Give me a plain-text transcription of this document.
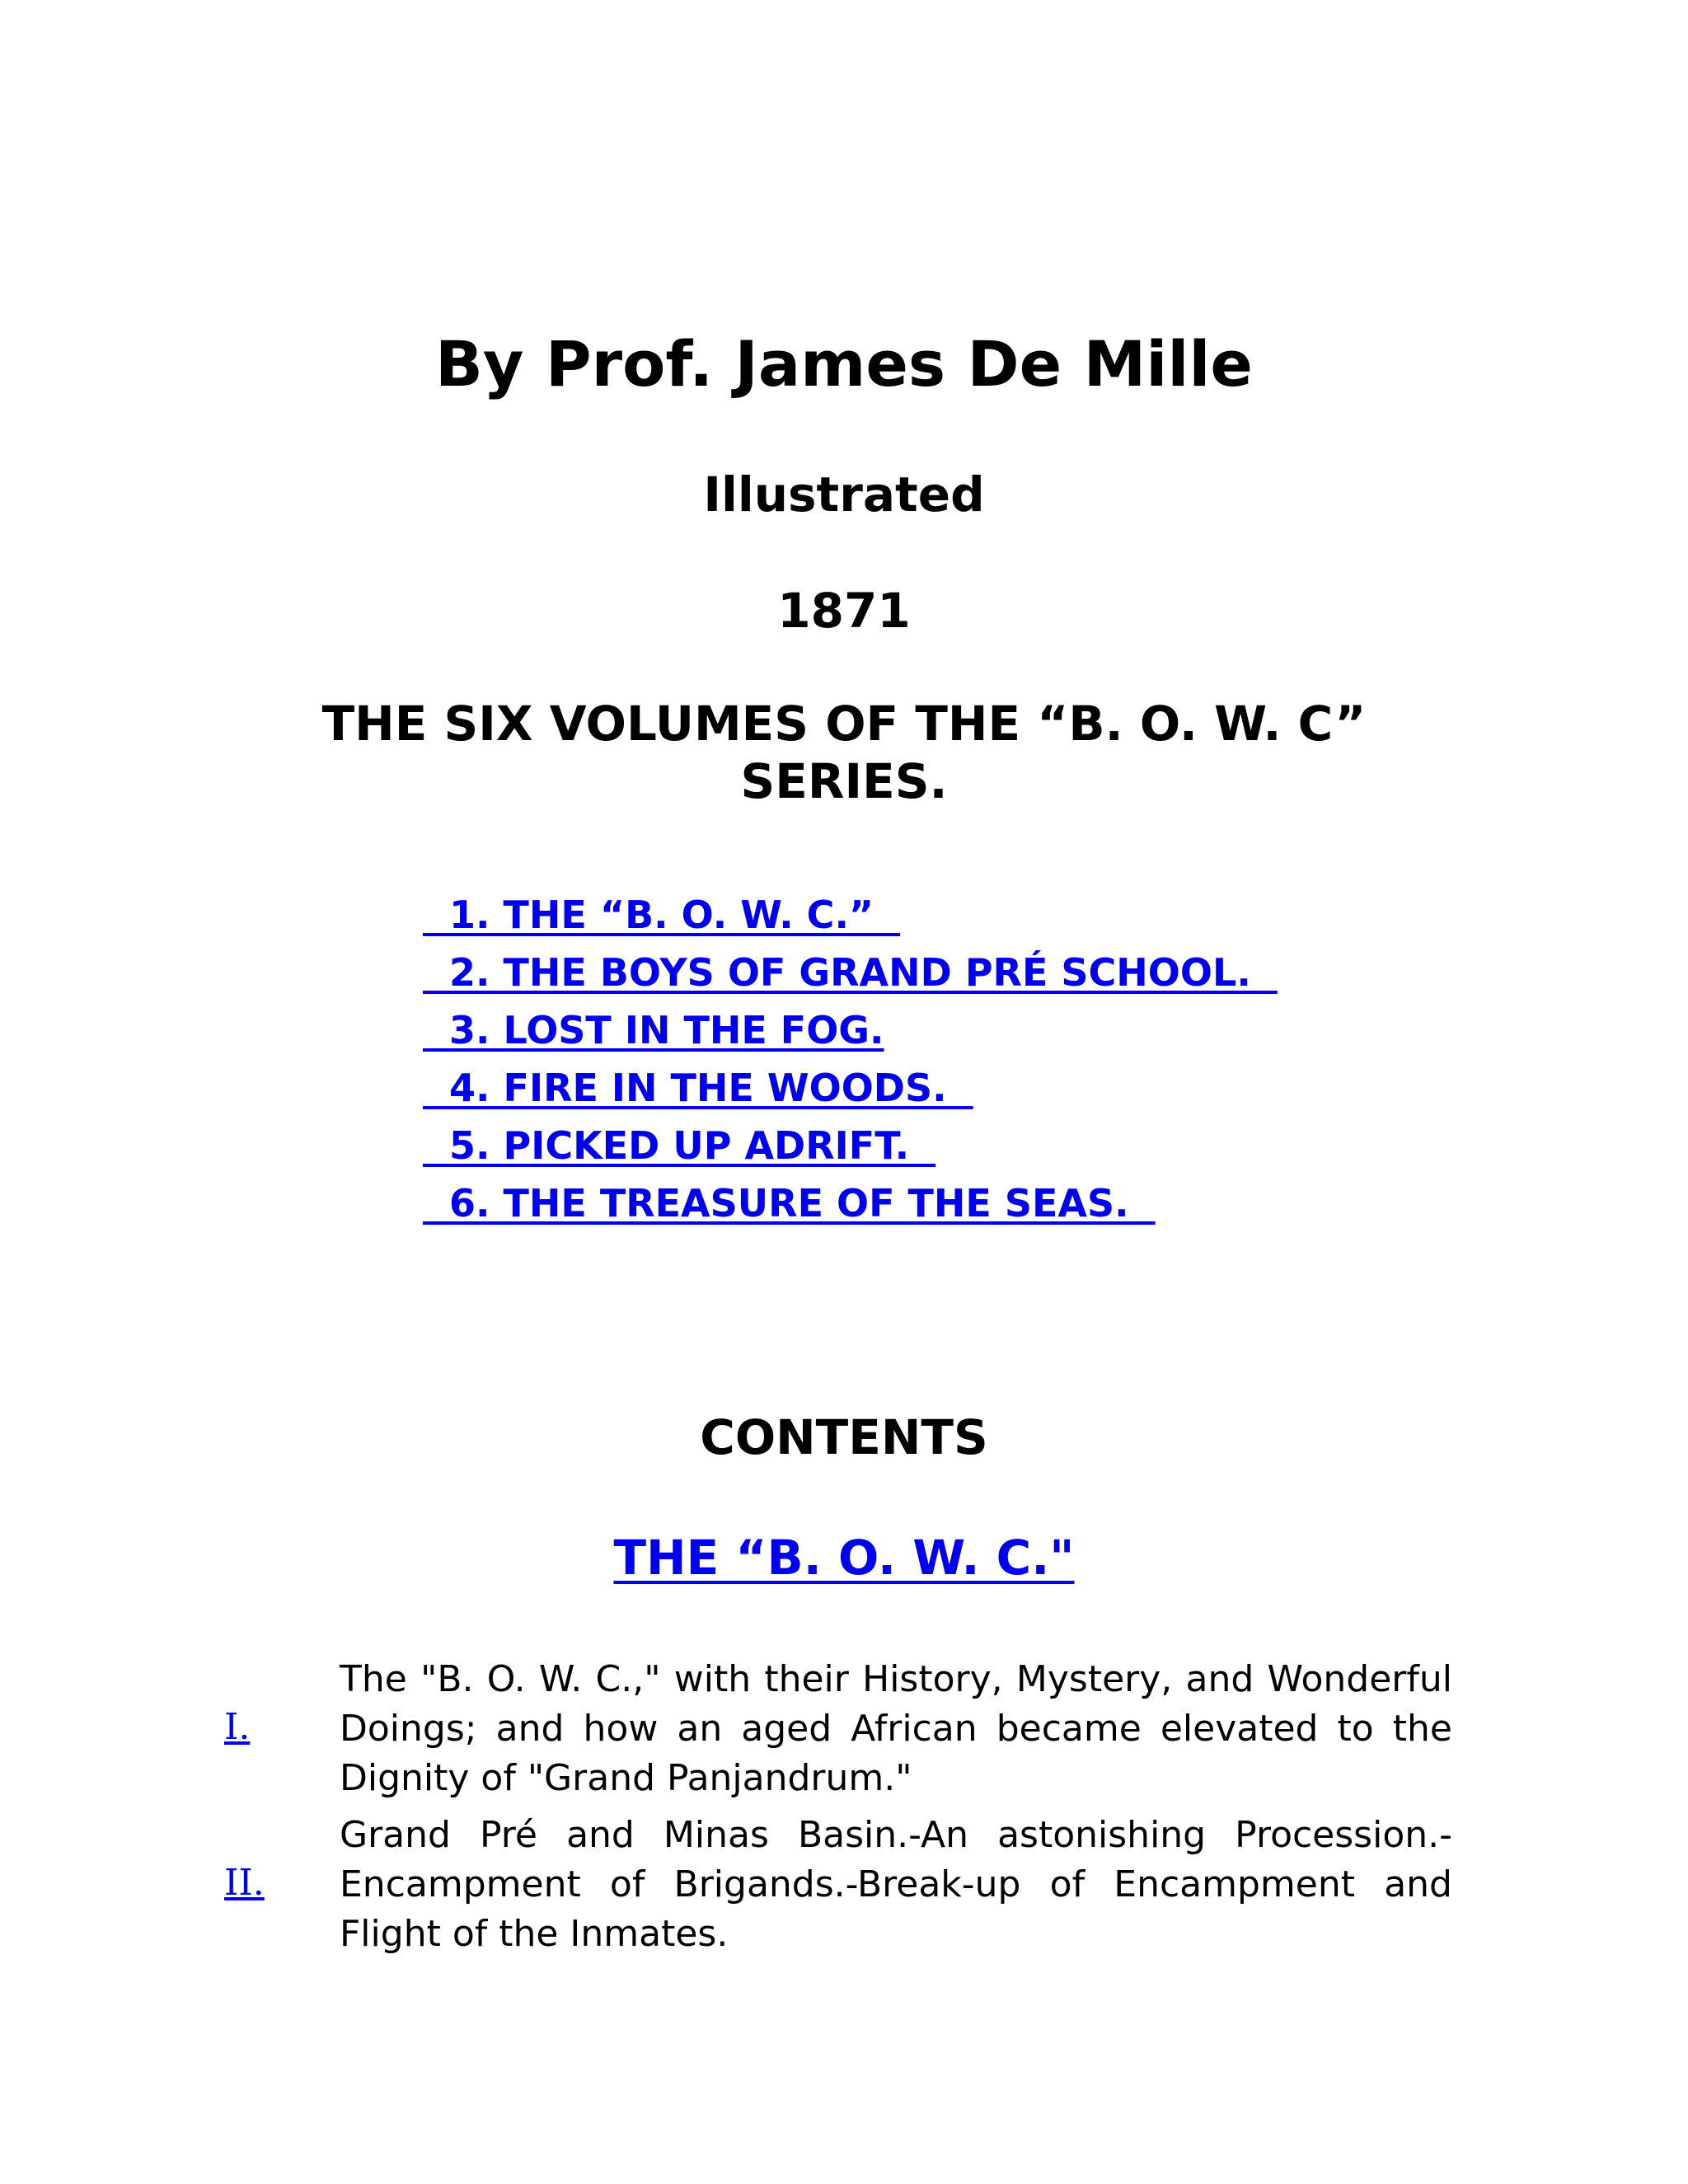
By Prof. James De Mille
Illustrated
1871
THE SIX VOLUMES OF THE “B. O. W. C” SERIES.
1. THE “B. O. W. C.”
2. THE BOYS OF GRAND PRÉ SCHOOL.
3. LOST IN THE FOG.
4. FIRE IN THE WOODS.
5. PICKED UP ADRIFT.
6. THE TREASURE OF THE SEAS.
CONTENTS
THE “B. O. W. C."
I.

The "B. O. W. C.," with their History, Mystery, and Wonderful Doings; and how an aged African became elevated to the Dignity of "Grand Panjandrum."

II.

Grand Pré and Minas Basin.-An astonishing Procession.-Encampment of Brigands.-Break-up of Encampment and Flight of the Inmates.
